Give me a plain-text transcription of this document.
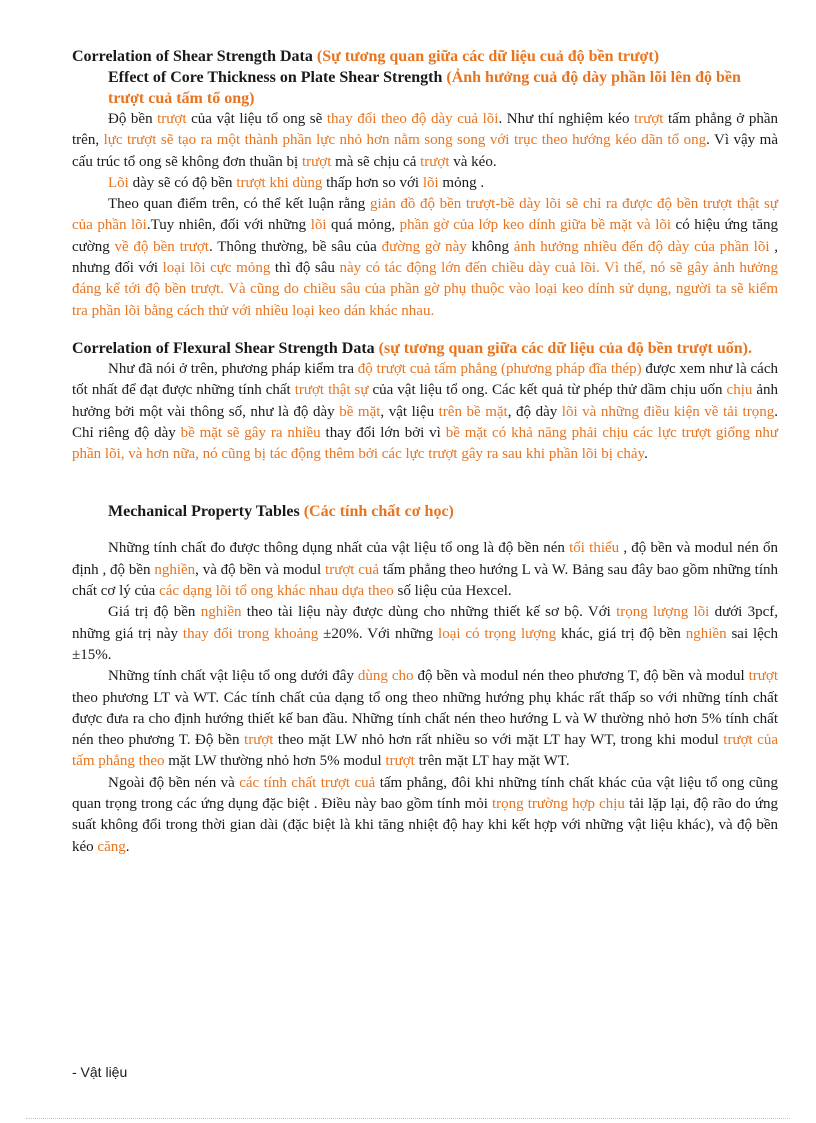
Correlation of Shear Strength Data (Sự tương quan giữa các dữ liệu cuả độ bền trượt)
Effect of Core Thickness on Plate Shear Strength (Ảnh hưởng cuả độ dày phần lõi lên độ bền trượt cuả tấm tổ ong)

Độ bền trượt của vật liệu tổ ong sẽ thay đổi theo độ dày cuả lõi. Như thí nghiệm kéo trượt tấm phẳng ở phần trên, lực trượt sẽ tạo ra một thành phần lực nhỏ hơn nằm song song với trục theo hướng kéo dãn tổ ong. Vì vậy mà cấu trúc tổ ong sẽ không đơn thuần bị trượt mà sẽ chịu cả trượt và kéo.

Lõi dày sẽ có độ bền trượt khi dùng thấp hơn so với lõi mỏng .

Theo quan điểm trên, có thể kết luận rằng giản đồ độ bền trượt-bề dày lõi sẽ chỉ ra được độ bền trượt thật sự của phần lõi.Tuy nhiên, đối với những lõi quá mỏng, phần gờ của lớp keo dính giữa bề mặt và lõi có hiệu ứng tăng cường về độ bền trượt. Thông thường, bề sâu của đường gờ này không ảnh hưởng nhiều đến độ dày của phần lõi , nhưng đối với loại lõi cực mỏng thì độ sâu này có tác động lớn đến chiều dày cuả lõi. Vì thế, nó sẽ gây ảnh hưởng đáng kể tới độ bền trượt. Và cũng do chiều sâu của phần gờ phụ thuộc vào loại keo dính sử dụng, người ta sẽ kiểm tra phần lõi bằng cách thử với nhiều loại keo dán khác nhau.

Correlation of Flexural Shear Strength Data (sự tương quan giữa các dữ liệu của độ bền trượt uốn).

Như đã nói ở trên, phương pháp kiểm tra độ trượt cuả tấm phẳng (phương pháp đĩa thép) được xem như là cách tốt nhất để đạt được những tính chất trượt thật sự của vật liệu tổ ong. Các kết quả từ phép thử dầm chịu uốn chịu ảnh hưởng bởi một vài thông số, như là độ dày bề mặt, vật liệu trên bề mặt, độ dày lõi và những điều kiện về tải trọng. Chỉ riêng độ dày bề mặt sẽ gây ra nhiều thay đổi lớn bởi vì bề mặt có khả năng phải chịu các lực trượt giống như phần lõi, và hơn nữa, nó cũng bị tác động thêm bởi các lực trượt gây ra sau khi phần lõi bị chảy.

Mechanical Property Tables (Các tính chất cơ học)

Những tính chất đo được thông dụng nhất của vật liệu tổ ong là độ bền nén tối thiểu , độ bền và modul nén ổn định , độ bền nghiền, và độ bền và modul trượt cuả tấm phẳng theo hướng L và W. Bảng sau đây bao gồm những tính chất cơ lý của các dạng lõi tổ ong khác nhau dựa theo số liệu của Hexcel.

Giá trị độ bền nghiền theo tài liệu này được dùng cho những thiết kế sơ bộ. Với trọng lượng lõi dưới 3pcf, những giá trị này thay đổi trong khoảng ±20%. Với những loại có trọng lượng khác, giá trị độ bền nghiền sai lệch ±15%.

Những tính chất vật liệu tổ ong dưới đây dùng cho độ bền và modul nén theo phương T, độ bền và modul trượt theo phương LT và WT. Các tính chất của dạng tổ ong theo những hướng phụ khác rất thấp so với những tính chất được đưa ra cho định hướng thiết kế ban đầu. Những tính chất nén theo hướng L và W thường nhỏ hơn 5% tính chất nén theo phương T. Độ bền trượt theo mặt LW nhỏ hơn rất nhiều so với mặt LT hay WT, trong khi modul trượt của tấm phẳng theo mặt LW thường nhỏ hơn 5% modul trượt trên mặt LT hay mặt WT.

Ngoài độ bền nén và các tính chất trượt cuả tấm phẳng, đôi khi những tính chất khác của vật liệu tổ ong cũng quan trọng trong các ứng dụng đặc biệt . Điều này bao gồm tính mỏi trọng trường hợp chịu tải lặp lại, độ rão do ứng suất không đổi trong thời gian dài (đặc biệt là khi tăng nhiệt độ hay khi kết hợp với những vật liệu khác), và độ bền kéo căng.

- Vật liệu
